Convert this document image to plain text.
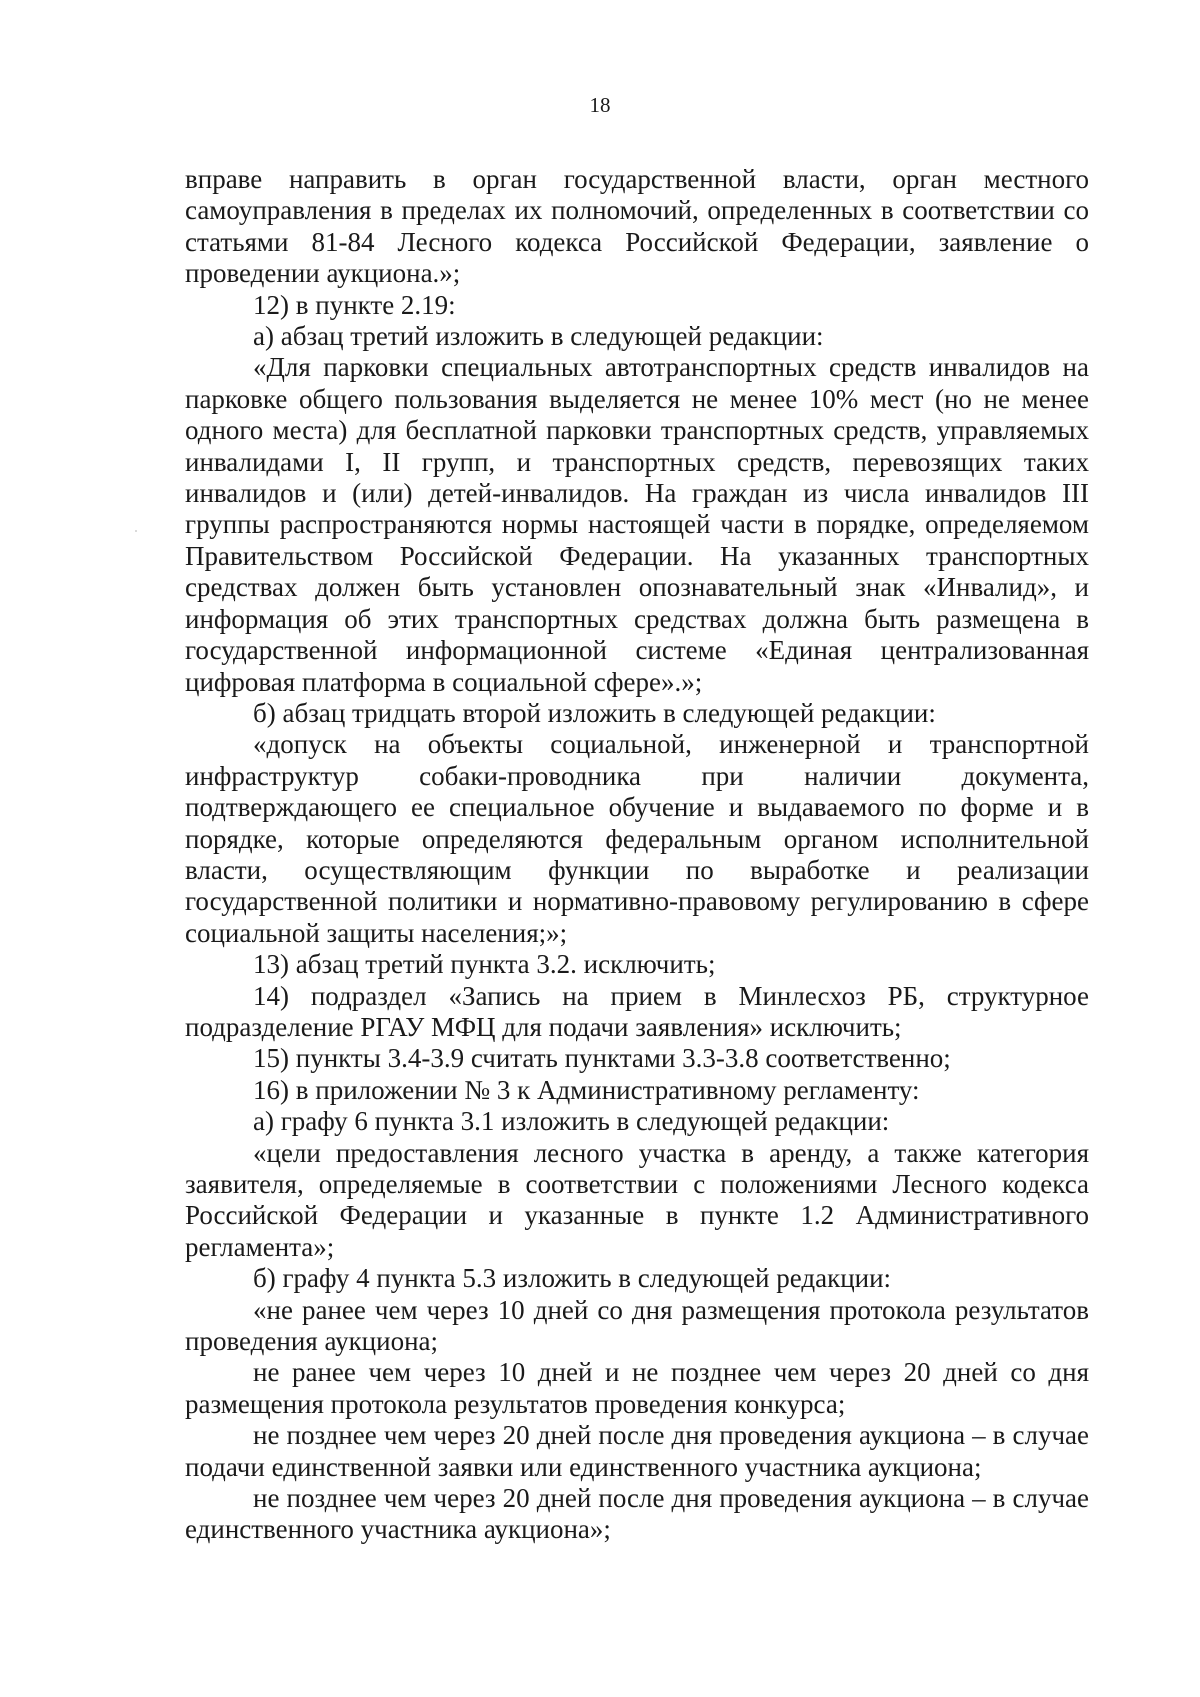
18

вправе направить в орган государственной власти, орган местного самоуправления в пределах их полномочий, определенных в соответствии со статьями 81-84 Лесного кодекса Российской Федерации, заявление о проведении аукциона.»;

12) в пункте 2.19:

а) абзац третий изложить в следующей редакции:

«Для парковки специальных автотранспортных средств инвалидов на парковке общего пользования выделяется не менее 10% мест (но не менее одного места) для бесплатной парковки транспортных средств, управляемых инвалидами I, II групп, и транспортных средств, перевозящих таких инвалидов и (или) детей-инвалидов. На граждан из числа инвалидов III группы распространяются нормы настоящей части в порядке, определяемом Правительством Российской Федерации. На указанных транспортных средствах должен быть установлен опознавательный знак «Инвалид», и информация об этих транспортных средствах должна быть размещена в государственной информационной системе «Единая централизованная цифровая платформа в социальной сфере».»;

б) абзац тридцать второй изложить в следующей редакции:

«допуск на объекты социальной, инженерной и транспортной инфраструктур собаки-проводника при наличии документа, подтверждающего ее специальное обучение и выдаваемого по форме и в порядке, которые определяются федеральным органом исполнительной власти, осуществляющим функции по выработке и реализации государственной политики и нормативно-правовому регулированию в сфере социальной защиты населения;»;

13) абзац третий пункта 3.2. исключить;

14) подраздел «Запись на прием в Минлесхоз РБ, структурное подразделение РГАУ МФЦ для подачи заявления» исключить;

15) пункты 3.4-3.9 считать пунктами 3.3-3.8 соответственно;

16) в приложении № 3 к Административному регламенту:

а) графу 6 пункта 3.1 изложить в следующей редакции:

«цели предоставления лесного участка в аренду, а также категория заявителя, определяемые в соответствии с положениями Лесного кодекса Российской Федерации и указанные в пункте 1.2 Административного регламента»;

б) графу 4 пункта 5.3 изложить в следующей редакции:

«не ранее чем через 10 дней со дня размещения протокола результатов проведения аукциона;

не ранее чем через 10 дней и не позднее чем через 20 дней со дня размещения протокола результатов проведения конкурса;

не позднее чем через 20 дней после дня проведения аукциона – в случае подачи единственной заявки или единственного участника аукциона;

не позднее чем через 20 дней после дня проведения аукциона – в случае единственного участника аукциона»;
